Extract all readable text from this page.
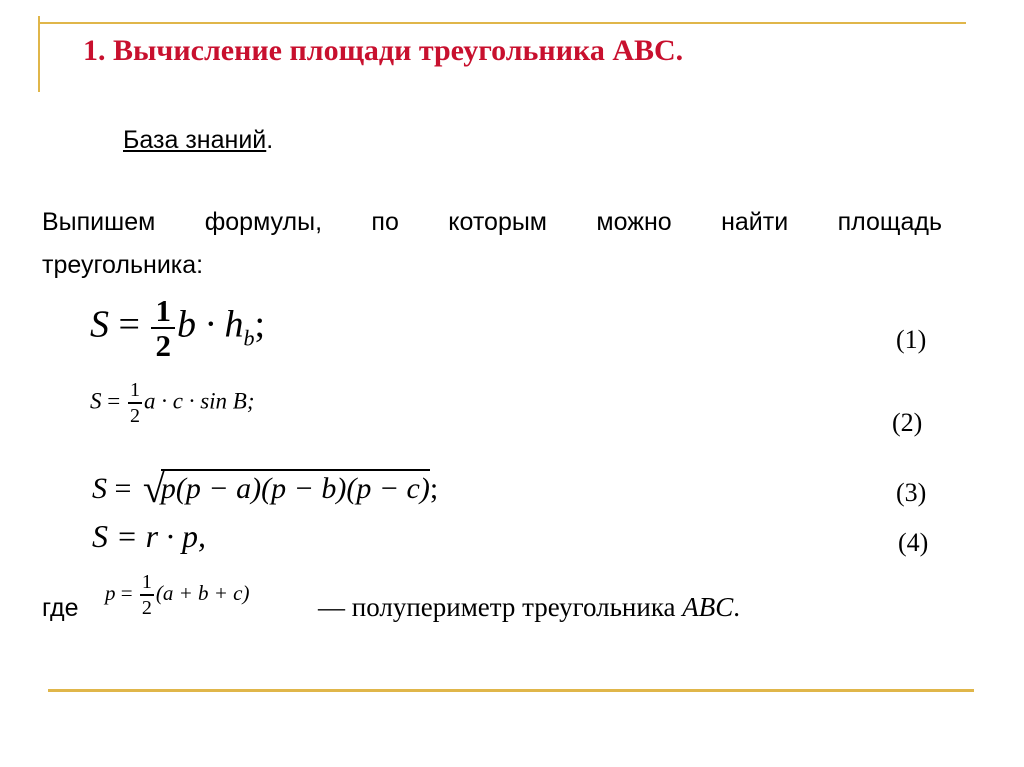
1. Вычисление площади треугольника ABC.
База знаний.
Выпишем формулы, по которым можно найти площадь
треугольника:
$S = \frac{1}{2}$ $b \cdot h_b$;	(1)
$S = \frac{1}{2}$ a · c · sin B;
(2)
S = √p(p − a)(p − b)(p − c);	(3)
S = r · p,	(4)
где
$p = \frac{1}{2} (a + b + c)$	— полупериметр треугольника ABC.
